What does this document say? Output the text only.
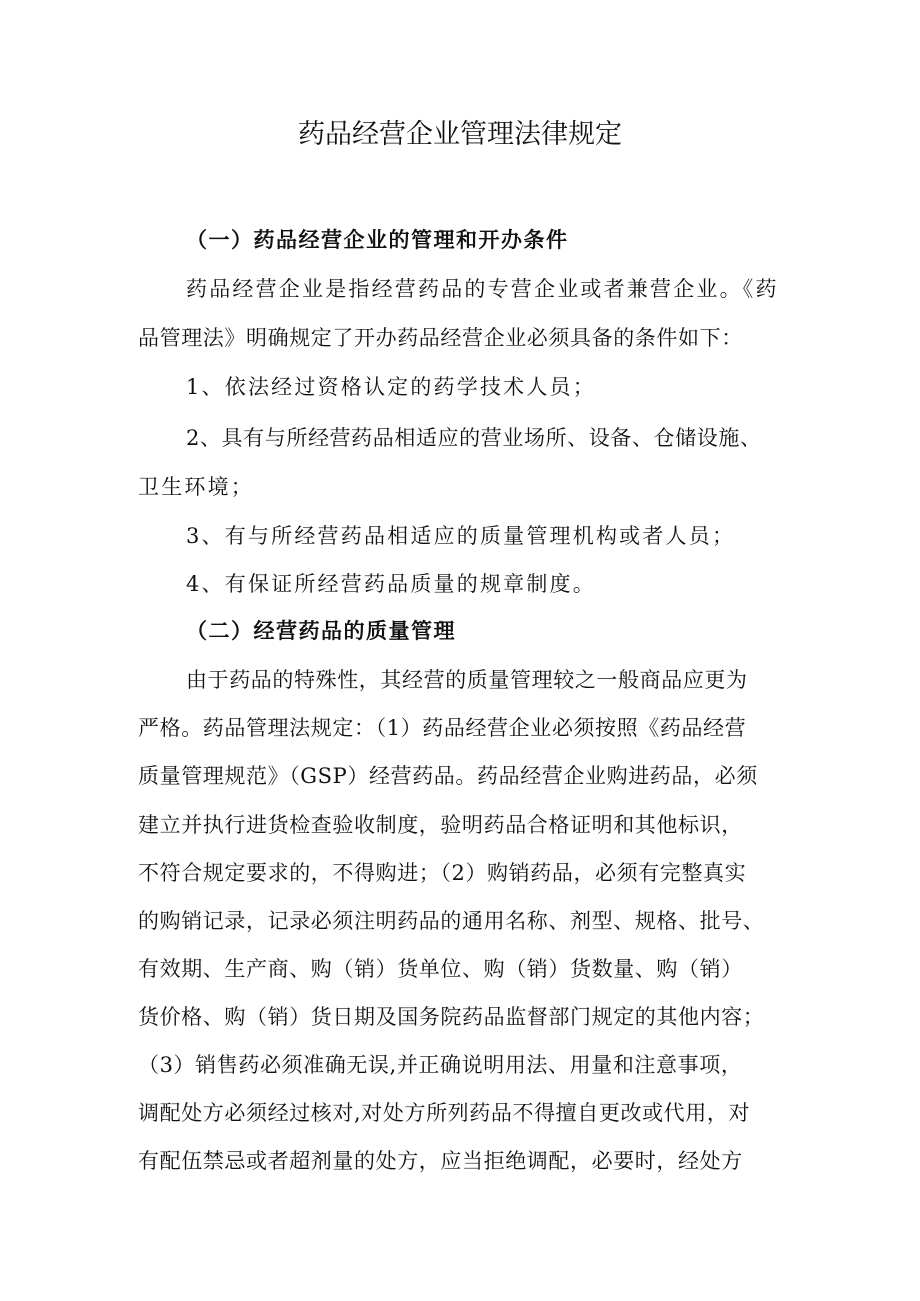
药品经营企业管理法律规定
（一）药品经营企业的管理和开办条件
药品经营企业是指经营药品的专营企业或者兼营企业。《药
品管理法》明确规定了开办药品经营企业必须具备的条件如下：
1、依法经过资格认定的药学技术人员；
2、具有与所经营药品相适应的营业场所、设备、仓储设施、
卫生环境；
3、有与所经营药品相适应的质量管理机构或者人员；
4、有保证所经营药品质量的规章制度。
（二）经营药品的质量管理
由于药品的特殊性，其经营的质量管理较之一般商品应更为
严格。药品管理法规定：（1）药品经营企业必须按照《药品经营
质量管理规范》（GSP）经营药品。药品经营企业购进药品，必须
建立并执行进货检查验收制度，验明药品合格证明和其他标识，
不符合规定要求的，不得购进；（2）购销药品，必须有完整真实
的购销记录，记录必须注明药品的通用名称、剂型、规格、批号、
有效期、生产商、购（销）货单位、购（销）货数量、购（销）
货价格、购（销）货日期及国务院药品监督部门规定的其他内容；
（3）销售药必须准确无误,并正确说明用法、用量和注意事项，
调配处方必须经过核对,对处方所列药品不得擅自更改或代用，对
有配伍禁忌或者超剂量的处方，应当拒绝调配，必要时，经处方
